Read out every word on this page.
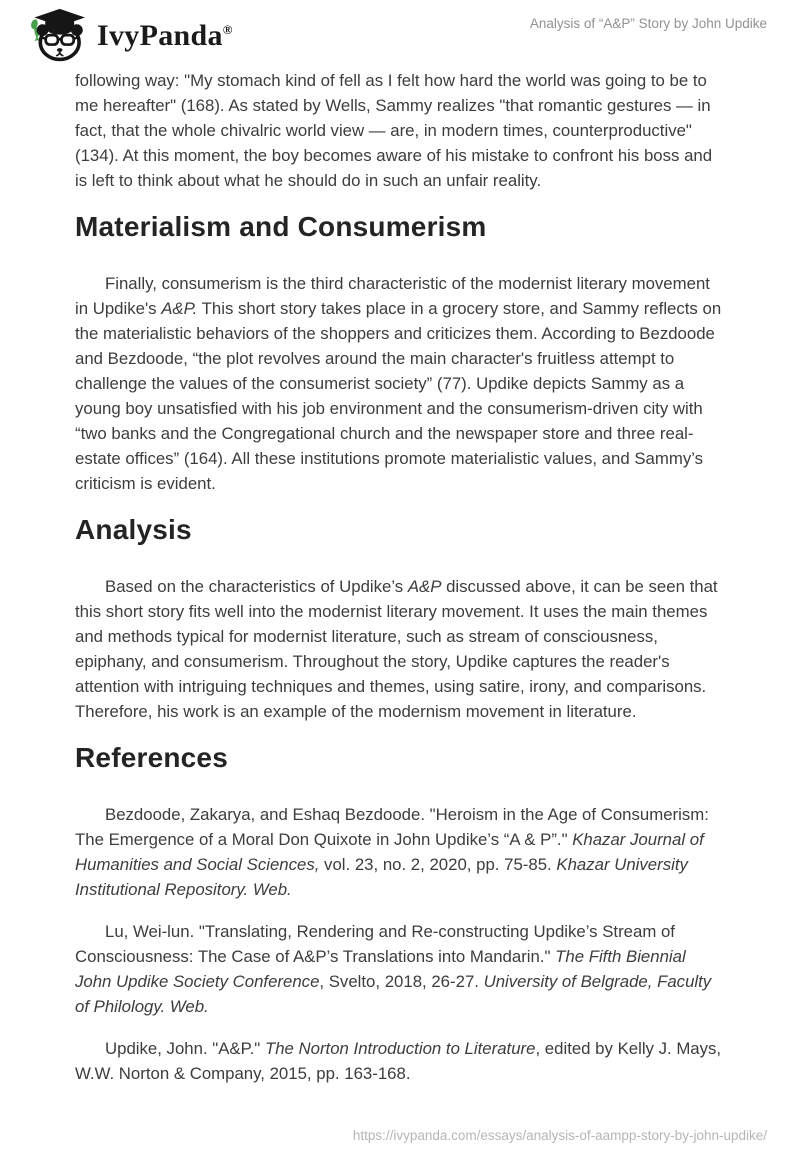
IvyPanda®	Analysis of “A&P” Story by John Updike

following way: "My stomach kind of fell as I felt how hard the world was going to be to me hereafter" (168). As stated by Wells, Sammy realizes "that romantic gestures — in fact, that the whole chivalric world view — are, in modern times, counterproductive" (134). At this moment, the boy becomes aware of his mistake to confront his boss and is left to think about what he should do in such an unfair reality.

Materialism and Consumerism

Finally, consumerism is the third characteristic of the modernist literary movement in Updike's A&P. This short story takes place in a grocery store, and Sammy reflects on the materialistic behaviors of the shoppers and criticizes them. According to Bezdoode and Bezdoode, “the plot revolves around the main character's fruitless attempt to challenge the values of the consumerist society” (77). Updike depicts Sammy as a young boy unsatisfied with his job environment and the consumerism-driven city with “two banks and the Congregational church and the newspaper store and three real-estate offices” (164). All these institutions promote materialistic values, and Sammy’s criticism is evident.

Analysis

Based on the characteristics of Updike’s A&P discussed above, it can be seen that this short story fits well into the modernist literary movement. It uses the main themes and methods typical for modernist literature, such as stream of consciousness, epiphany, and consumerism. Throughout the story, Updike captures the reader's attention with intriguing techniques and themes, using satire, irony, and comparisons. Therefore, his work is an example of the modernism movement in literature.

References

Bezdoode, Zakarya, and Eshaq Bezdoode. "Heroism in the Age of Consumerism: The Emergence of a Moral Don Quixote in John Updike’s “A & P”." Khazar Journal of Humanities and Social Sciences, vol. 23, no. 2, 2020, pp. 75-85. Khazar University Institutional Repository. Web.

Lu, Wei-lun. "Translating, Rendering and Re-constructing Updike’s Stream of Consciousness: The Case of A&P’s Translations into Mandarin." The Fifth Biennial John Updike Society Conference, Svelto, 2018, 26-27. University of Belgrade, Faculty of Philology. Web.

Updike, John. "A&P." The Norton Introduction to Literature, edited by Kelly J. Mays, W.W. Norton & Company, 2015, pp. 163-168.

https://ivypanda.com/essays/analysis-of-aampp-story-by-john-updike/
